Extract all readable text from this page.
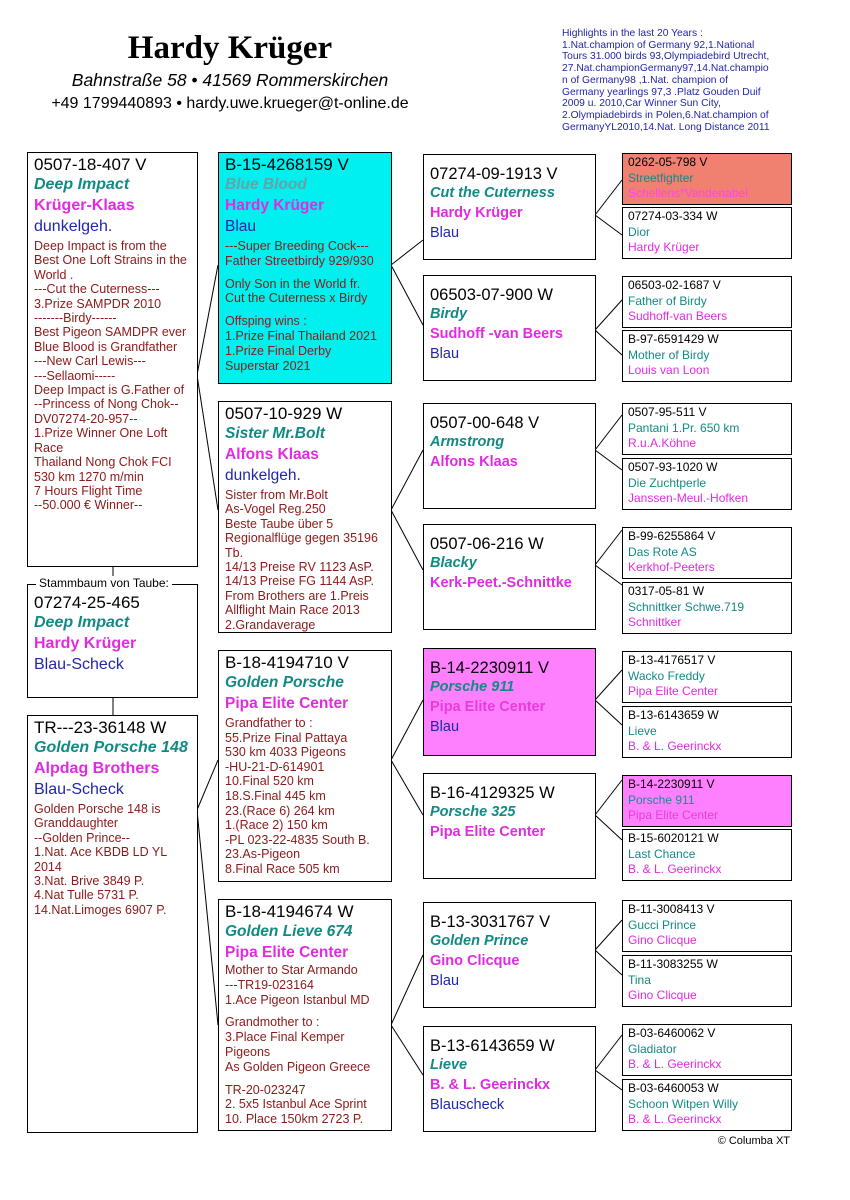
Hardy Krüger
Bahnstraße 58 • 41569 Rommerskirchen
+49 1799440893 • hardy.uwe.krueger@t-online.de
Highlights in the last 20 Years :
1.Nat.champion of Germany 92,1.National
Tours 31.000 birds 93,Olympiadebird Utrecht,
27.Nat.championGermany97,14.Nat.champio
n of Germany98 ,1.Nat. champion of
Germany yearlings 97,3 .Platz Gouden Duif
2009 u. 2010,Car Winner Sun City,
2.Olympiadebirds in Polen,6.Nat.champion of
GermanyYL2010,14.Nat. Long Distance 2011
0507-18-407 V
Deep Impact
Krüger-Klaas
dunkelgeh.
Deep Impact is from the
Best One Loft Strains in the
World .
---Cut the Cuterness---
3.Prize SAMPDR 2010
-------Birdy------
Best Pigeon SAMDPR ever
Blue Blood is Grandfather
---New Carl Lewis---
---Sellaomi-----
Deep Impact is G.Father of
--Princess of Nong Chok--
DV07274-20-957--
1.Prize Winner One Loft
Race
Thailand Nong Chok FCI
530 km 1270 m/min
7 Hours Flight Time
--50.000 € Winner--
07274-25-465
Deep Impact
Hardy Krüger
Blau-Scheck
Stammbaum von Taube:
TR---23-36148 W
Golden Porsche 148
Alpdag Brothers
Blau-Scheck
Golden Porsche 148 is
Granddaughter
--Golden Prince--
1.Nat. Ace KBDB LD YL
2014
3.Nat. Brive 3849 P.
4.Nat Tulle 5731 P.
14.Nat.Limoges 6907 P.
B-15-4268159 V
Blue Blood
Hardy Krüger
Blau
---Super Breeding Cock---
Father Streetbirdy 929/930
Only Son in the World fr.
Cut the Cuterness x Birdy
Offsping wins :
1.Prize Final Thailand 2021
1.Prize Final Derby
Superstar 2021
0507-10-929 W
Sister Mr.Bolt
Alfons Klaas
dunkelgeh.
Sister from Mr.Bolt
As-Vogel Reg.250
Beste Taube über 5
Regionalflüge gegen 35196
Tb.
14/13 Preise RV 1123 AsP.
14/13 Preise FG 1144 AsP.
From Brothers are 1.Preis
Allflight Main Race 2013
2.Grandaverage
B-18-4194710 V
Golden Porsche
Pipa Elite Center
Grandfather to :
55.Prize Final Pattaya
530 km 4033 Pigeons
-HU-21-D-614901
10.Final 520 km
18.S.Final 445 km
23.(Race 6) 264 km
1.(Race 2) 150 km
-PL 023-22-4835 South B.
23.As-Pigeon
8.Final Race 505 km
B-18-4194674 W
Golden Lieve 674
Pipa Elite Center
Mother to Star Armando
---TR19-023164
1.Ace Pigeon Istanbul MD
Grandmother to :
3.Place Final Kemper
Pigeons
As Golden Pigeon Greece
TR-20-023247
2. 5x5 Istanbul Ace Sprint
10. Place 150km 2723 P.
07274-09-1913 V
Cut the Cuterness
Hardy Krüger
Blau
06503-07-900 W
Birdy
Sudhoff -van Beers
Blau
0507-00-648 V
Armstrong
Alfons Klaas
0507-06-216 W
Blacky
Kerk-Peet.-Schnittke
B-14-2230911 V
Porsche 911
Pipa Elite Center
Blau
B-16-4129325 W
Porsche 325
Pipa Elite Center
B-13-3031767 V
Golden Prince
Gino Clicque
Blau
B-13-6143659 W
Lieve
B. & L. Geerinckx
Blauscheck
0262-05-798 V
Streetfighter
Schellens*Vandenabel
07274-03-334 W
Dior
Hardy Krüger
06503-02-1687 V
Father of Birdy
Sudhoff-van Beers
B-97-6591429 W
Mother of Birdy
Louis van Loon
0507-95-511 V
Pantani 1.Pr. 650 km
R.u.A.Köhne
0507-93-1020 W
Die Zuchtperle
Janssen-Meul.-Hofken
B-99-6255864 V
Das Rote AS
Kerkhof-Peeters
0317-05-81 W
Schnittker Schwe.719
Schnittker
B-13-4176517 V
Wacko Freddy
Pipa Elite Center
B-13-6143659 W
Lieve
B. & L. Geerinckx
B-14-2230911 V
Porsche 911
Pipa Elite Center
B-15-6020121 W
Last Chance
B. & L. Geerinckx
B-11-3008413 V
Gucci Prince
Gino Clicque
B-11-3083255 W
Tina
Gino Clicque
B-03-6460062 V
Gladiator
B. & L. Geerinckx
B-03-6460053 W
Schoon Witpen Willy
B. & L. Geerinckx
© Columba XT
